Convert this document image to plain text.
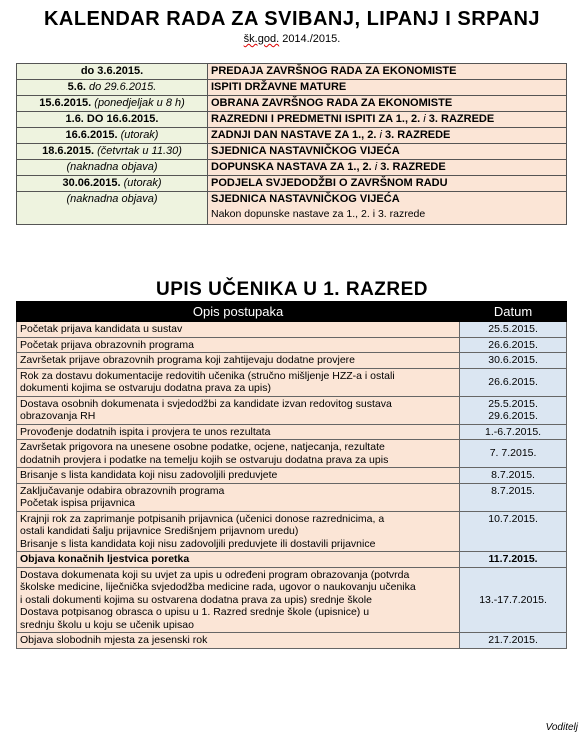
KALENDAR RADA ZA SVIBANJ, LIPANJ I SRPANJ
šk.god. 2014./2015.
do 3.6.2015.	PREDAJA ZAVRŠNOG RADA ZA EKONOMISTE
5.6. do 29.6.2015.	ISPITI DRŽAVNE MATURE
15.6.2015. (ponedjeljak u 8 h)	OBRANA ZAVRŠNOG RADA ZA EKONOMISTE
1.6. DO 16.6.2015.	RAZREDNI I PREDMETNI ISPITI ZA 1., 2. i 3. RAZREDE
16.6.2015. (utorak)	ZADNJI DAN NASTAVE ZA 1., 2. i 3. RAZREDE
18.6.2015. (četvrtak u 11.30)	SJEDNICA NASTAVNIČKOG VIJEĆA
(naknadna objava)	DOPUNSKA NASTAVA ZA 1., 2. i 3. RAZREDE
30.06.2015. (utorak)	PODJELA SVJEDODŽBI O ZAVRŠNOM RADU
(naknadna objava)	SJEDNICA NASTAVNIČKOG VIJEĆA
Nakon dopunske nastave za 1., 2. i 3. razrede
UPIS UČENIKA U 1. RAZRED
Opis postupaka	Datum
Početak prijava kandidata u sustav	25.5.2015.
Početak prijava obrazovnih programa	26.6.2015.
Završetak prijave obrazovnih programa koji zahtijevaju dodatne provjere	30.6.2015.
Rok za dostavu dokumentacije redovitih učenika (stručno mišljenje HZZ-a i ostali
dokumenti kojima se ostvaruju dodatna prava za upis)	26.6.2015.
Dostava osobnih dokumenata i svjedodžbi za kandidate izvan redovitog sustava
obrazovanja RH	25.5.2015.
29.6.2015.
Provođenje dodatnih ispita i provjera te unos rezultata	1.-6.7.2015.
Završetak prigovora na unesene osobne podatke, ocjene, natjecanja, rezultate
dodatnih provjera i podatke na temelju kojih se ostvaruju dodatna prava za upis	7. 7.2015.
Brisanje s lista kandidata koji nisu zadovoljili preduvjete	8.7.2015.
Zaključavanje odabira obrazovnih programa
Početak ispisa prijavnica	8.7.2015.
Krajnji rok za zaprimanje potpisanih prijavnica (učenici donose razrednicima, a
ostali kandidati šalju prijavnice Središnjem prijavnom uredu)
Brisanje s lista kandidata koji nisu zadovoljili preduvjete ili dostavili prijavnice	10.7.2015.
Objava konačnih ljestvica poretka	11.7.2015.
Dostava dokumenata koji su uvjet za upis u određeni program obrazovanja (potvrda
školske medicine, liječnička svjedodžba medicine rada, ugovor o naukovanju učenika
i ostali dokumenti kojima su ostvarena dodatna prava za upis) srednje škole
Dostava potpisanog obrasca o upisu u 1. Razred srednje škole (upisnice) u
srednju školu u koju se učenik upisao	13.-17.7.2015.
Objava slobodnih mjesta za jesenski rok	21.7.2015.
Voditelj
